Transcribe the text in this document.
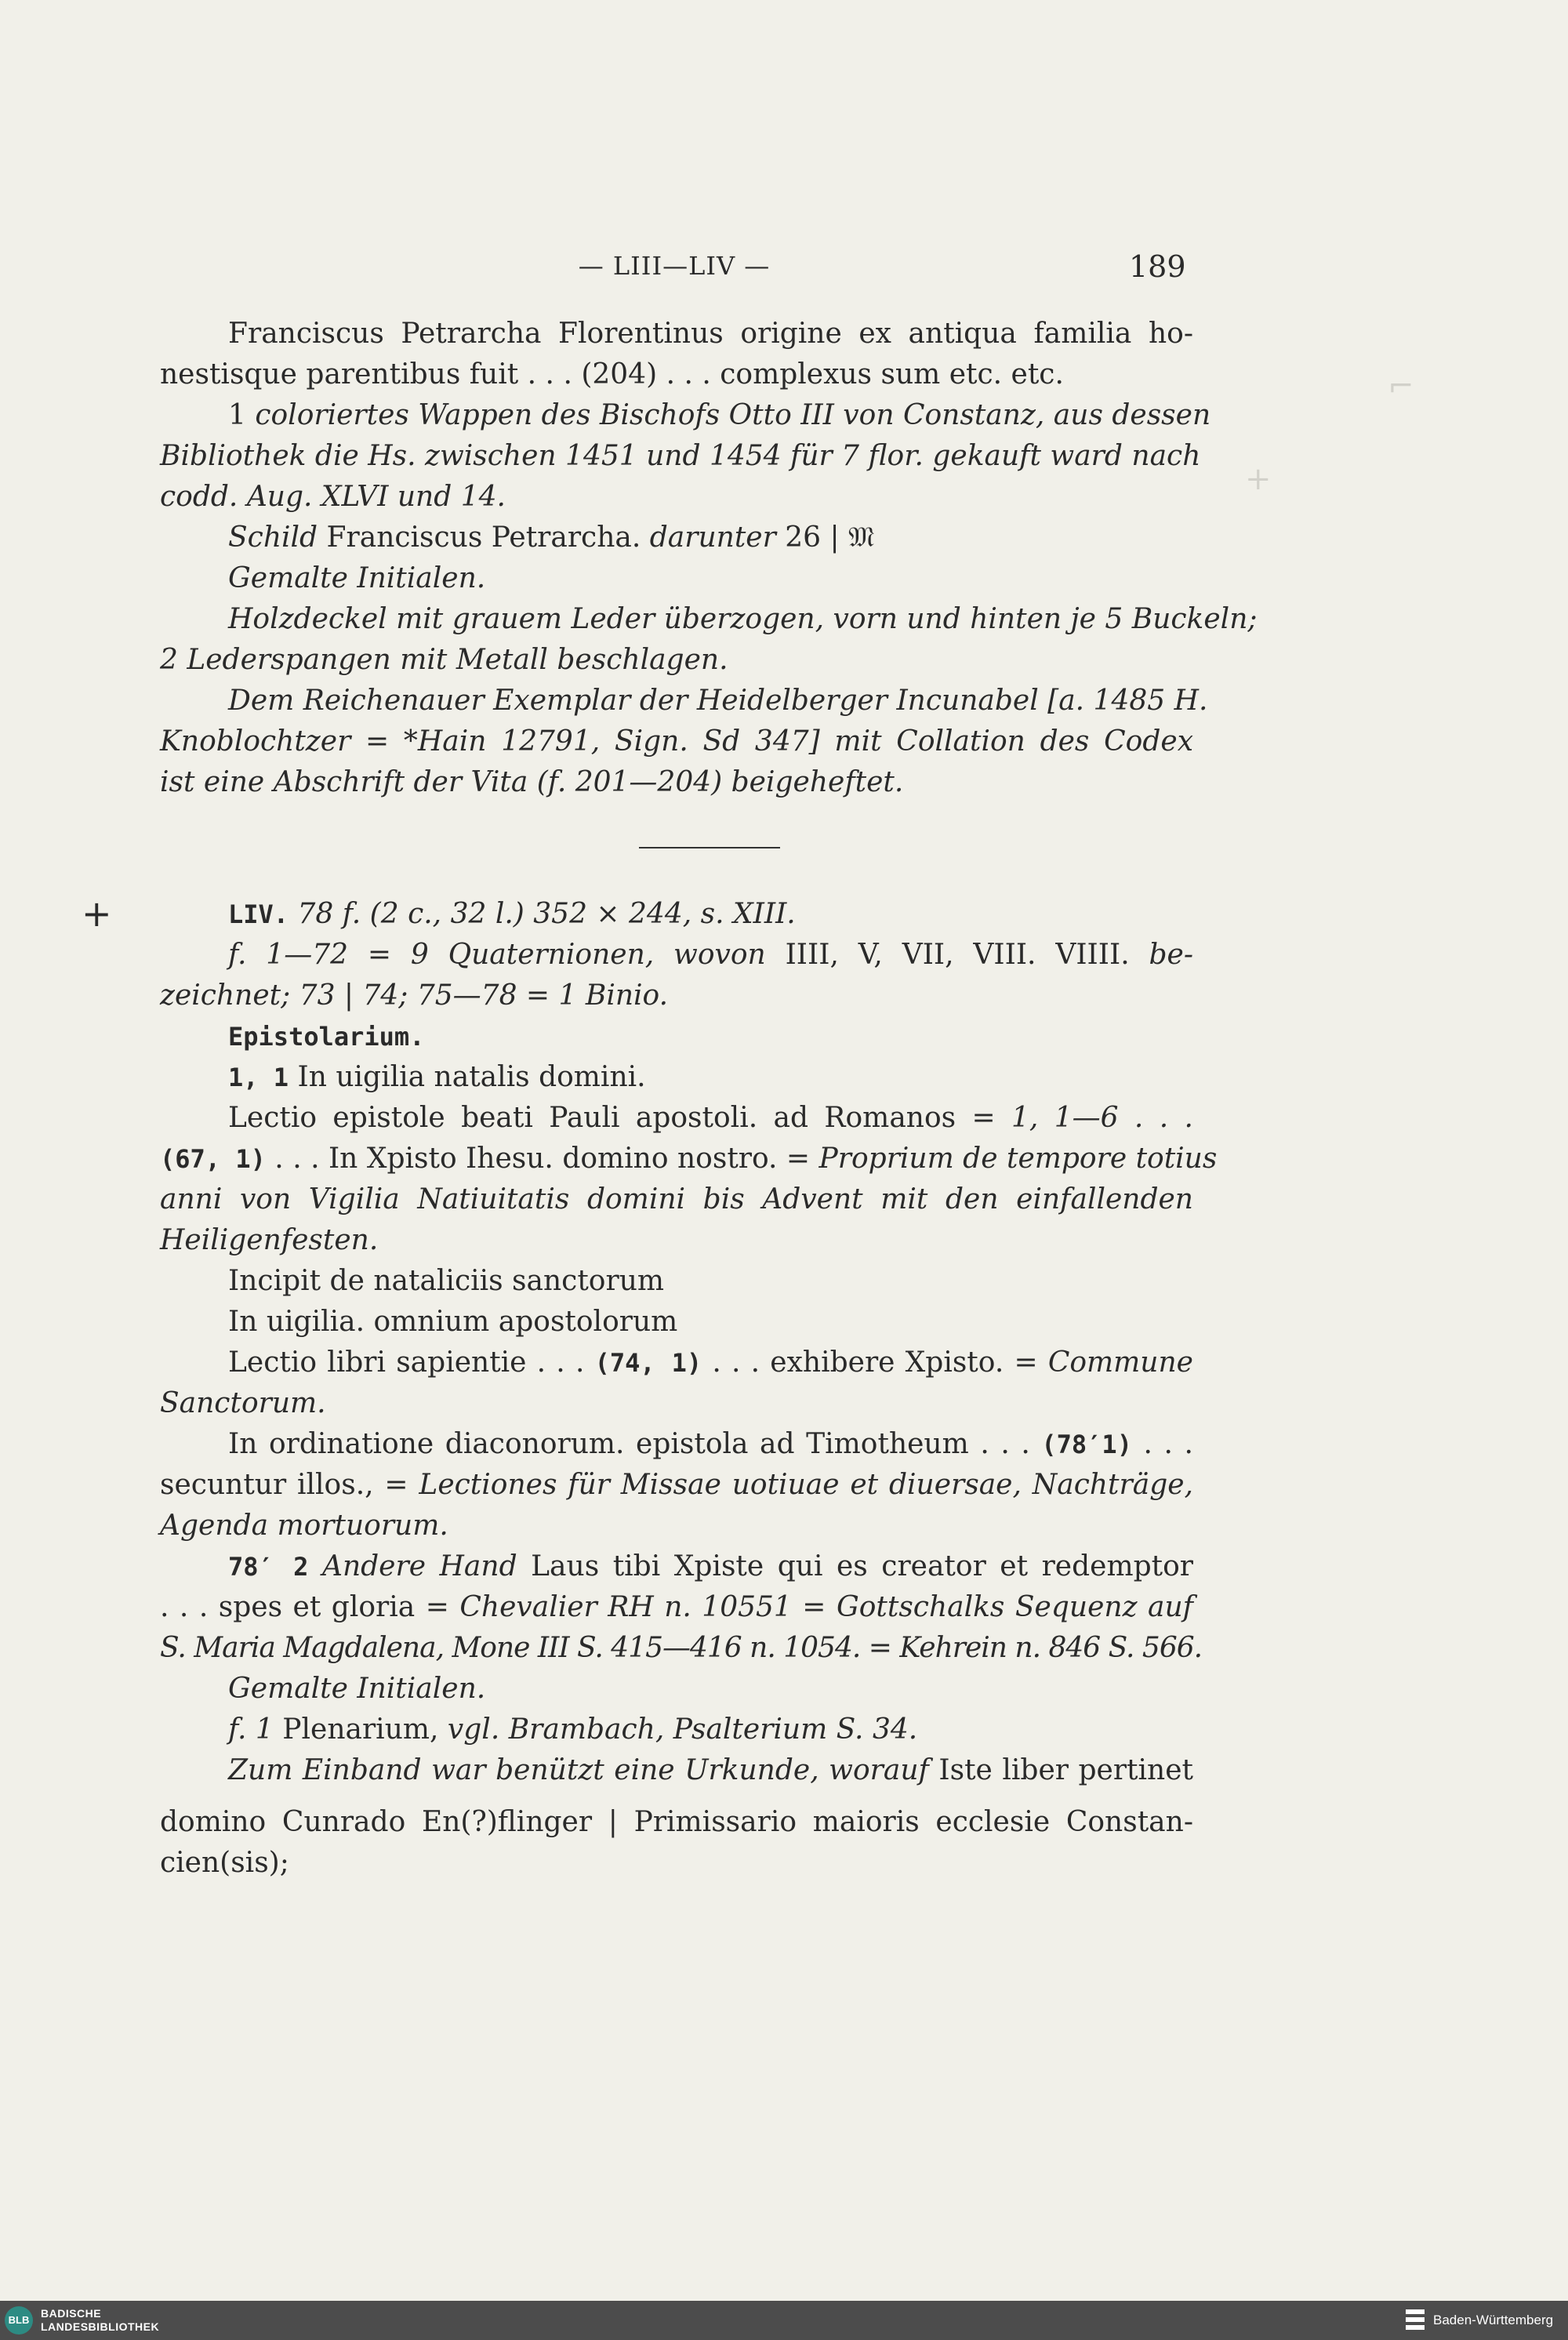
— LIII—LIV —	189
⌐
+
Franciscus Petrarcha Florentinus origine ex antiqua familia ho-
nestisque parentibus fuit . . . (204) . . . complexus sum etc. etc.
1 coloriertes Wappen des Bischofs Otto III von Constanz, aus dessen
Bibliothek die Hs. zwischen 1451 und 1454 für 7 flor. gekauft ward nach
codd. Aug. XLVI und 14.
Schild Franciscus Petrarcha. darunter 26 | 𝔐
Gemalte Initialen.
Holzdeckel mit grauem Leder überzogen, vorn und hinten je 5 Buckeln;
2 Lederspangen mit Metall beschlagen.
Dem Reichenauer Exemplar der Heidelberger Incunabel [a. 1485 H.
Knoblochtzer = *Hain 12791, Sign. Sd 347] mit Collation des Codex
ist eine Abschrift der Vita (f. 201—204) beigeheftet.
+	LIV. 78 f. (2 c., 32 l.) 352 ⨯ 244, s. XIII.
f. 1—72 = 9 Quaternionen, wovon IIII, V, VII, VIII. VIIII. be-
zeichnet; 73 | 74; 75—78 = 1 Binio.
Epistolarium.
1, 1 In uigilia natalis domini.
Lectio epistole beati Pauli apostoli. ad Romanos = 1, 1—6 . . .
(67, 1) . . . In Xpisto Ihesu. domino nostro. = Proprium de tempore totius
anni von Vigilia Natiuitatis domini bis Advent mit den einfallenden
Heiligenfesten.
Incipit de nataliciis sanctorum
In uigilia. omnium apostolorum
Lectio libri sapientie . . . (74, 1) . . . exhibere Xpisto. = Commune
Sanctorum.
In ordinatione diaconorum. epistola ad Timotheum . . . (78′1) . . .
secuntur illos., = Lectiones für Missae uotiuae et diuersae, Nachträge,
Agenda mortuorum.
78′ 2 Andere Hand Laus tibi Xpiste qui es creator et redemptor
. . . spes et gloria = Chevalier RH n. 10551 = Gottschalks Sequenz auf
S. Maria Magdalena, Mone III S. 415—416 n. 1054. = Kehrein n. 846 S. 566.
Gemalte Initialen.
f. 1 Plenarium, vgl. Brambach, Psalterium S. 34.
Zum Einband war benützt eine Urkunde, worauf Iste liber pertinet
domino Cunrado En(?)flinger | Primissario maioris ecclesie Constan-
cien(sis);
BLB
BADISCHE
LANDESBIBLIOTHEK	Baden-Württemberg
